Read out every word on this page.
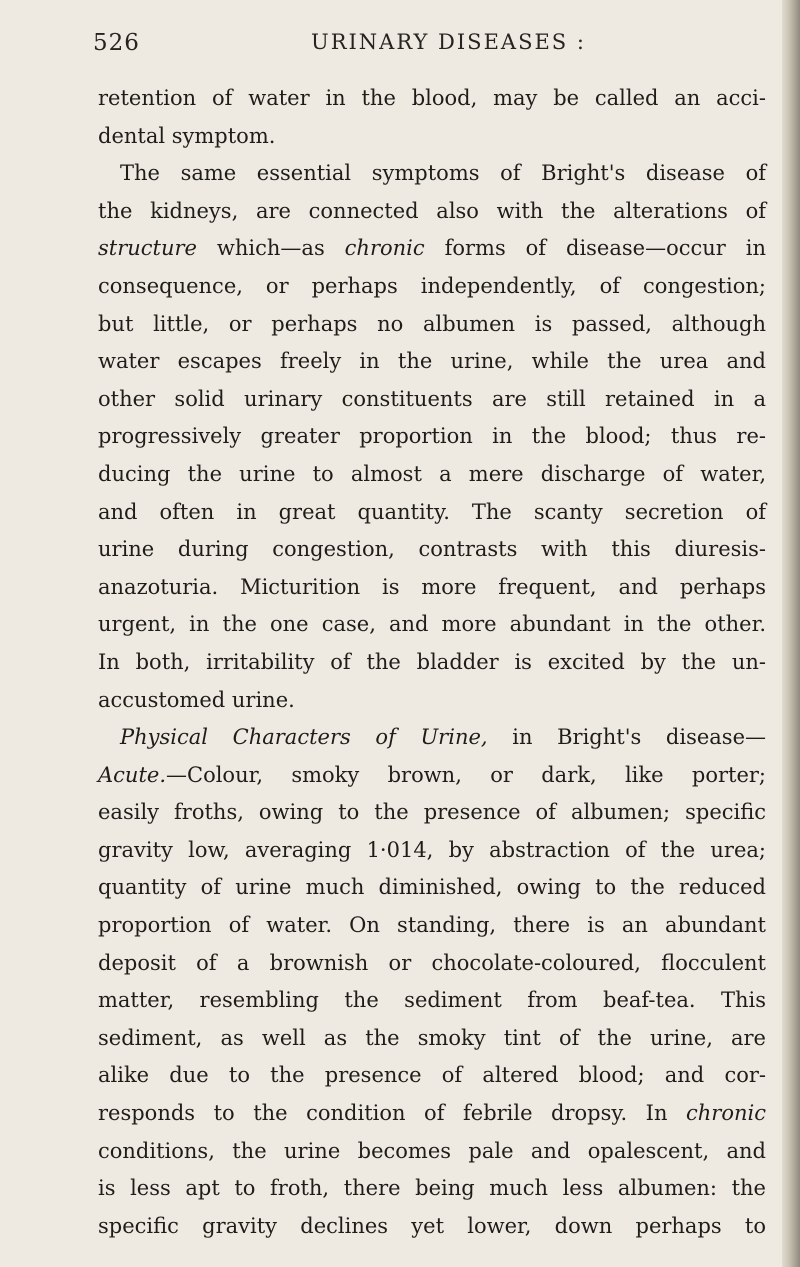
526	URINARY DISEASES :
retention of water in the blood, may be called an acci-
dental symptom.
The same essential symptoms of Bright's disease of
the kidneys, are connected also with the alterations of
structure which—as chronic forms of disease—occur in
consequence, or perhaps independently, of congestion;
but little, or perhaps no albumen is passed, although
water escapes freely in the urine, while the urea and
other solid urinary constituents are still retained in a
progressively greater proportion in the blood; thus re-
ducing the urine to almost a mere discharge of water,
and often in great quantity. The scanty secretion of
urine during congestion, contrasts with this diuresis-
anazoturia. Micturition is more frequent, and perhaps
urgent, in the one case, and more abundant in the other.
In both, irritability of the bladder is excited by the un-
accustomed urine.
Physical Characters of Urine, in Bright's disease—
Acute.—Colour, smoky brown, or dark, like porter;
easily froths, owing to the presence of albumen; specific
gravity low, averaging 1·014, by abstraction of the urea;
quantity of urine much diminished, owing to the reduced
proportion of water. On standing, there is an abundant
deposit of a brownish or chocolate-coloured, flocculent
matter, resembling the sediment from beaf-tea. This
sediment, as well as the smoky tint of the urine, are
alike due to the presence of altered blood; and cor-
responds to the condition of febrile dropsy. In chronic
conditions, the urine becomes pale and opalescent, and
is less apt to froth, there being much less albumen: the
specific gravity declines yet lower, down perhaps to
